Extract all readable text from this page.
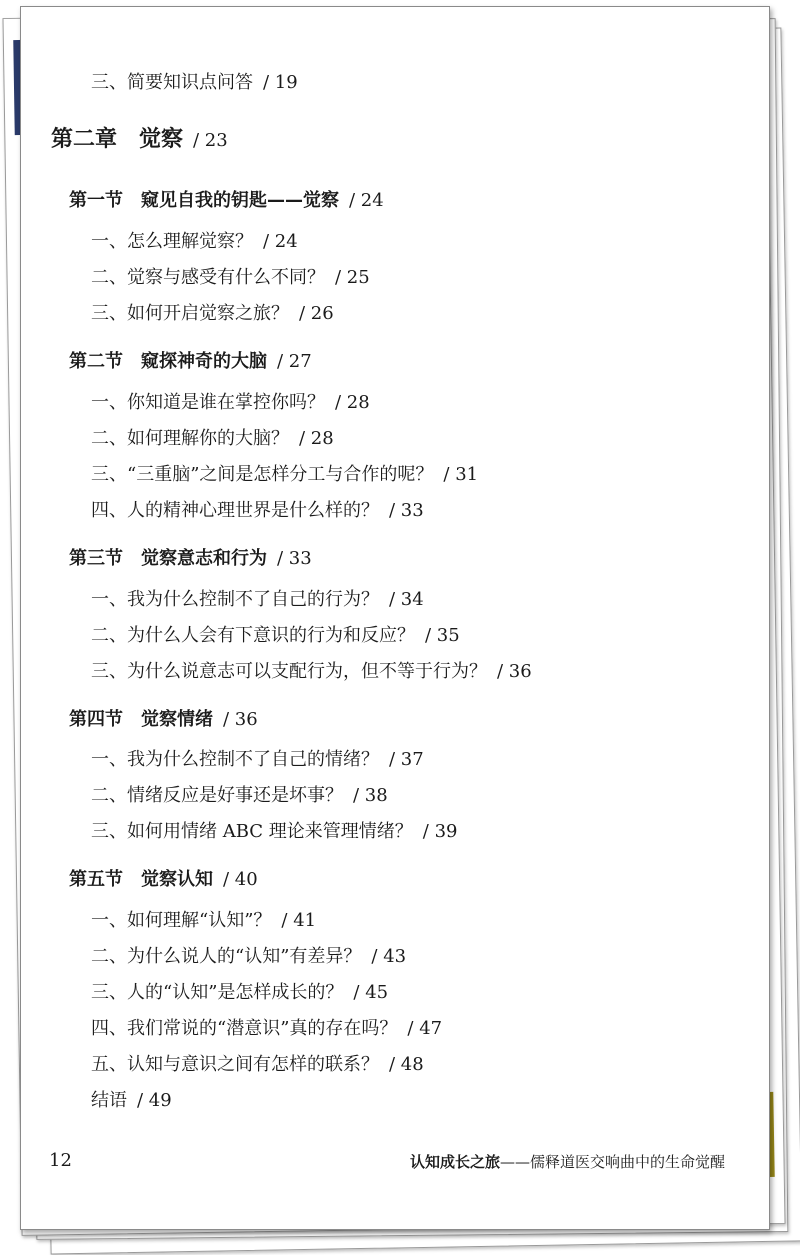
三、简要知识点问答 / 19
第二章　觉察 / 23
第一节　窥见自我的钥匙——觉察 / 24
一、怎么理解觉察？ / 24
二、觉察与感受有什么不同？ / 25
三、如何开启觉察之旅？ / 26
第二节　窥探神奇的大脑 / 27
一、你知道是谁在掌控你吗？ / 28
二、如何理解你的大脑？ / 28
三、“三重脑”之间是怎样分工与合作的呢？ / 31
四、人的精神心理世界是什么样的？ / 33
第三节　觉察意志和行为 / 33
一、我为什么控制不了自己的行为？ / 34
二、为什么人会有下意识的行为和反应？ / 35
三、为什么说意志可以支配行为，但不等于行为？ / 36
第四节　觉察情绪 / 36
一、我为什么控制不了自己的情绪？ / 37
二、情绪反应是好事还是坏事？ / 38
三、如何用情绪 ABC 理论来管理情绪？ / 39
第五节　觉察认知 / 40
一、如何理解“认知”？ / 41
二、为什么说人的“认知”有差异？ / 43
三、人的“认知”是怎样成长的？ / 45
四、我们常说的“潜意识”真的存在吗？ / 47
五、认知与意识之间有怎样的联系？ / 48
结语 / 49
12	认知成长之旅——儒释道医交响曲中的生命觉醒
